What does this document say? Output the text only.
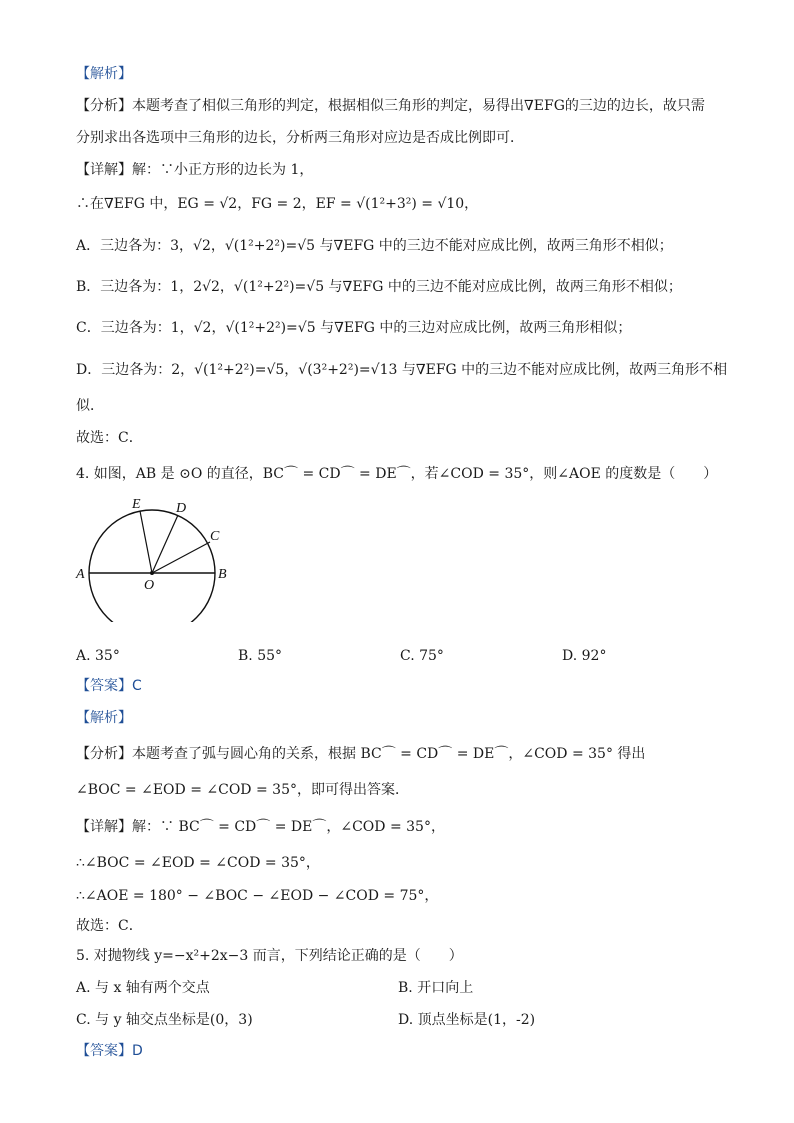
【解析】
【分析】本题考查了相似三角形的判定，根据相似三角形的判定，易得出∇EFG的三边的边长，故只需
分别求出各选项中三角形的边长，分析两三角形对应边是否成比例即可．
【详解】解：∵小正方形的边长为 1，
∴在∇EFG 中，EG = √2，FG = 2，EF = √(1²+3²) = √10，
A．三边各为：3，√2，√(1²+2²)=√5 与∇EFG 中的三边不能对应成比例，故两三角形不相似；
B．三边各为：1，2√2，√(1²+2²)=√5 与∇EFG 中的三边不能对应成比例，故两三角形不相似；
C．三边各为：1，√2，√(1²+2²)=√5 与∇EFG 中的三边对应成比例，故两三角形相似；
D．三边各为：2，√(1²+2²)=√5，√(3²+2²)=√13 与∇EFG 中的三边不能对应成比例，故两三角形不相
似．
故选：C．
4. 如图，AB 是 ⊙O 的直径，BC⌒ = CD⌒ = DE⌒，若∠COD = 35°，则∠AOE 的度数是（　　）
A	B
C
D
E
O
A. 35°	B. 55°	C. 75°	D. 92°
【答案】C
【解析】
【分析】本题考查了弧与圆心角的关系，根据 BC⌒ = CD⌒ = DE⌒，∠COD = 35° 得出
∠BOC = ∠EOD = ∠COD = 35°，即可得出答案．
【详解】解：∵ BC⌒ = CD⌒ = DE⌒，∠COD = 35°，
∴∠BOC = ∠EOD = ∠COD = 35°，
∴∠AOE = 180° − ∠BOC − ∠EOD − ∠COD = 75°，
故选：C．
5. 对抛物线 y=−x²+2x−3 而言，下列结论正确的是（　　）
A. 与 x 轴有两个交点	B. 开口向上
C. 与 y 轴交点坐标是(0，3)	D. 顶点坐标是(1，-2)
【答案】D
